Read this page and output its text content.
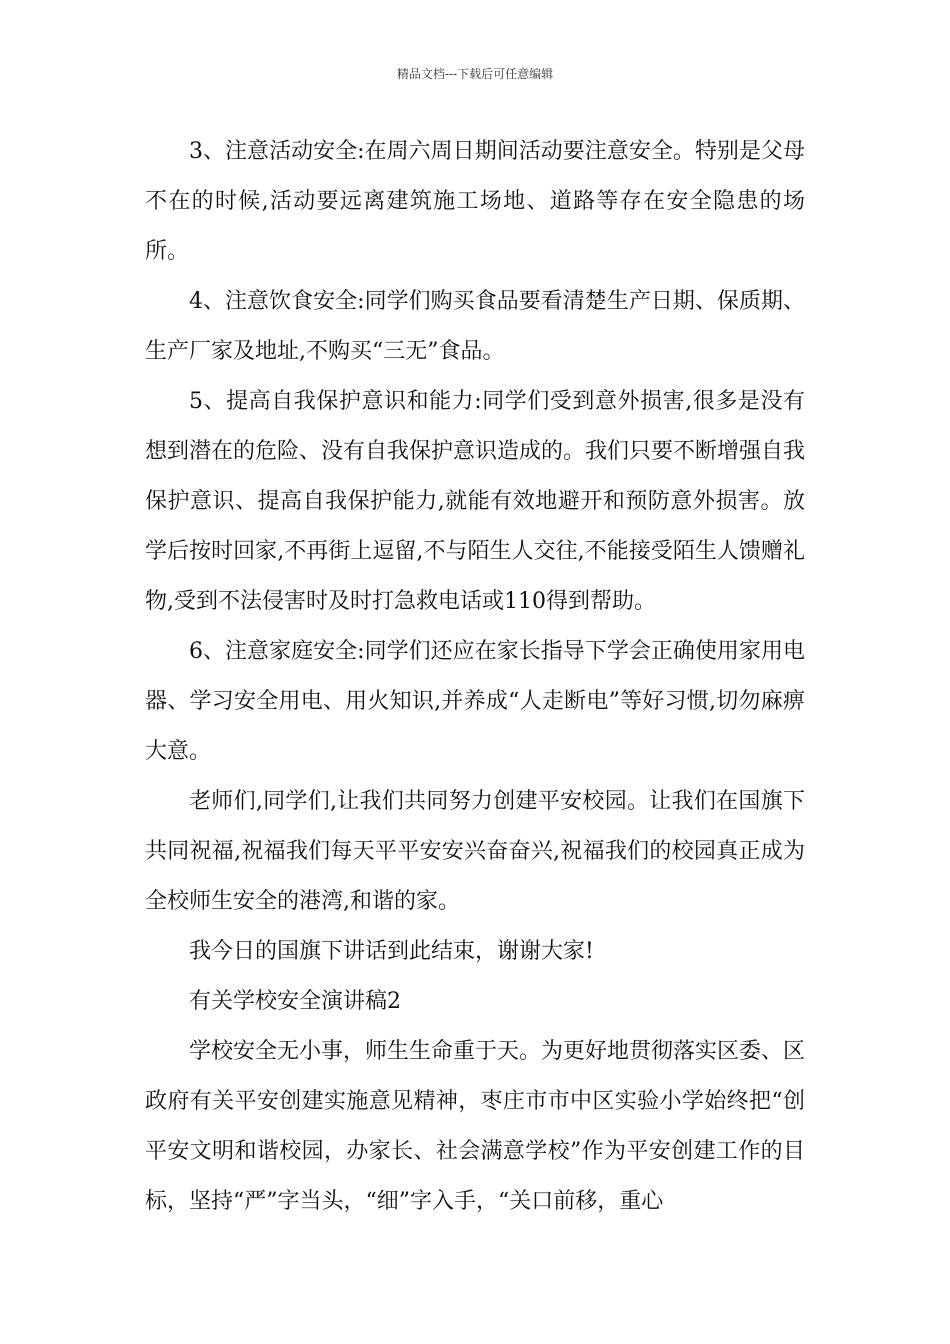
精品文档---下载后可任意编辑

3、注意活动安全:在周六周日期间活动要注意安全。特别是父母不在的时候,活动要远离建筑施工场地、道路等存在安全隐患的场所。

4、注意饮食安全:同学们购买食品要看清楚生产日期、保质期、生产厂家及地址,不购买“三无”食品。

5、提高自我保护意识和能力:同学们受到意外损害,很多是没有想到潜在的危险、没有自我保护意识造成的。我们只要不断增强自我保护意识、提高自我保护能力,就能有效地避开和预防意外损害。放学后按时回家,不再街上逗留,不与陌生人交往,不能接受陌生人馈赠礼物,受到不法侵害时及时打急救电话或110得到帮助。

6、注意家庭安全:同学们还应在家长指导下学会正确使用家用电器、学习安全用电、用火知识,并养成“人走断电”等好习惯,切勿麻痹大意。

老师们,同学们,让我们共同努力创建平安校园。让我们在国旗下共同祝福,祝福我们每天平平安安兴奋奋兴,祝福我们的校园真正成为全校师生安全的港湾,和谐的家。

我今日的国旗下讲话到此结束，谢谢大家!

有关学校安全演讲稿2

学校安全无小事，师生生命重于天。为更好地贯彻落实区委、区政府有关平安创建实施意见精神，枣庄市市中区实验小学始终把“创平安文明和谐校园，办家长、社会满意学校”作为平安创建工作的目标，坚持“严”字当头，“细”字入手，“关口前移，重心
